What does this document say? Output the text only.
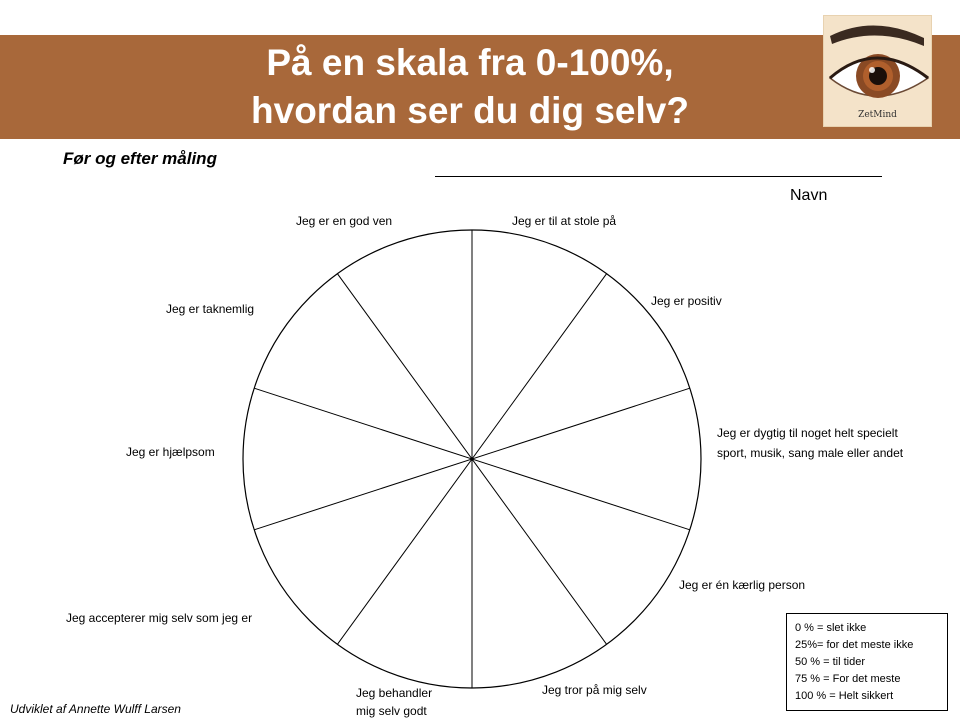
På en skala fra 0-100%,
hvordan ser du dig selv?	ZetMind
Før og efter måling
Navn
Jeg er til at stole på
Jeg er positiv
Jeg er dygtig til noget helt specielt
sport, musik, sang male eller andet
Jeg er én kærlig person
Jeg tror på mig selv
Jeg behandler
mig selv godt
Jeg accepterer mig selv som jeg er
Jeg er hjælpsom
Jeg er taknemlig
Jeg er en god ven
0 % = slet ikke
25%= for det meste ikke
50 % = til tider
75 % = For det meste
100 % = Helt sikkert
Udviklet af Annette Wulff Larsen
